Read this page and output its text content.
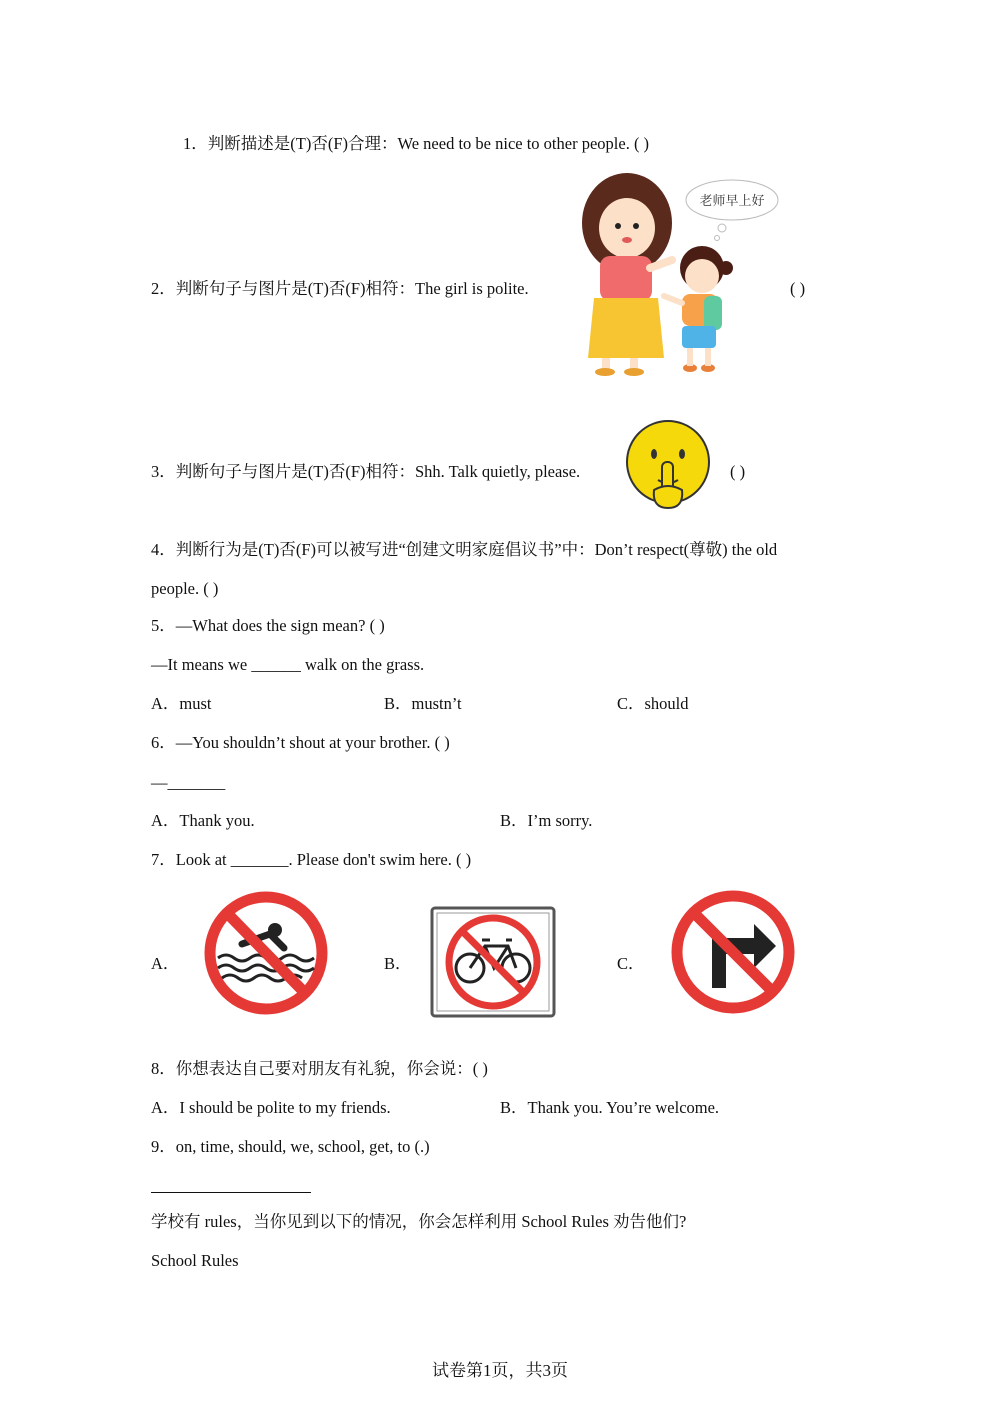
1．判断描述是(T)否(F)合理：We need to be nice to other people. ( )
2．判断句子与图片是(T)否(F)相符：The girl is polite.
老师早上好
( )
3．判断句子与图片是(T)否(F)相符：Shh. Talk quietly, please.	( )
4．判断行为是(T)否(F)可以被写进“创建文明家庭倡议书”中：Don’t respect(尊敬) the old
people. ( )
5．—What does the sign mean? ( )
—It means we ______ walk on the grass.
A．must	B．mustn’t	C．should
6．—You shouldn’t shout at your brother. ( )
—_______
A．Thank you.	B．I’m sorry.
7．Look at _______. Please don't swim here. ( )
A．	B．	C．
8．你想表达自己要对朋友有礼貌，你会说：( )
A．I should be polite to my friends.	B．Thank you. You’re welcome.
9．on, time, should, we, school, get, to (.)
学校有 rules，当你见到以下的情况，你会怎样利用 School Rules 劝告他们?
School Rules
试卷第1页，共3页
